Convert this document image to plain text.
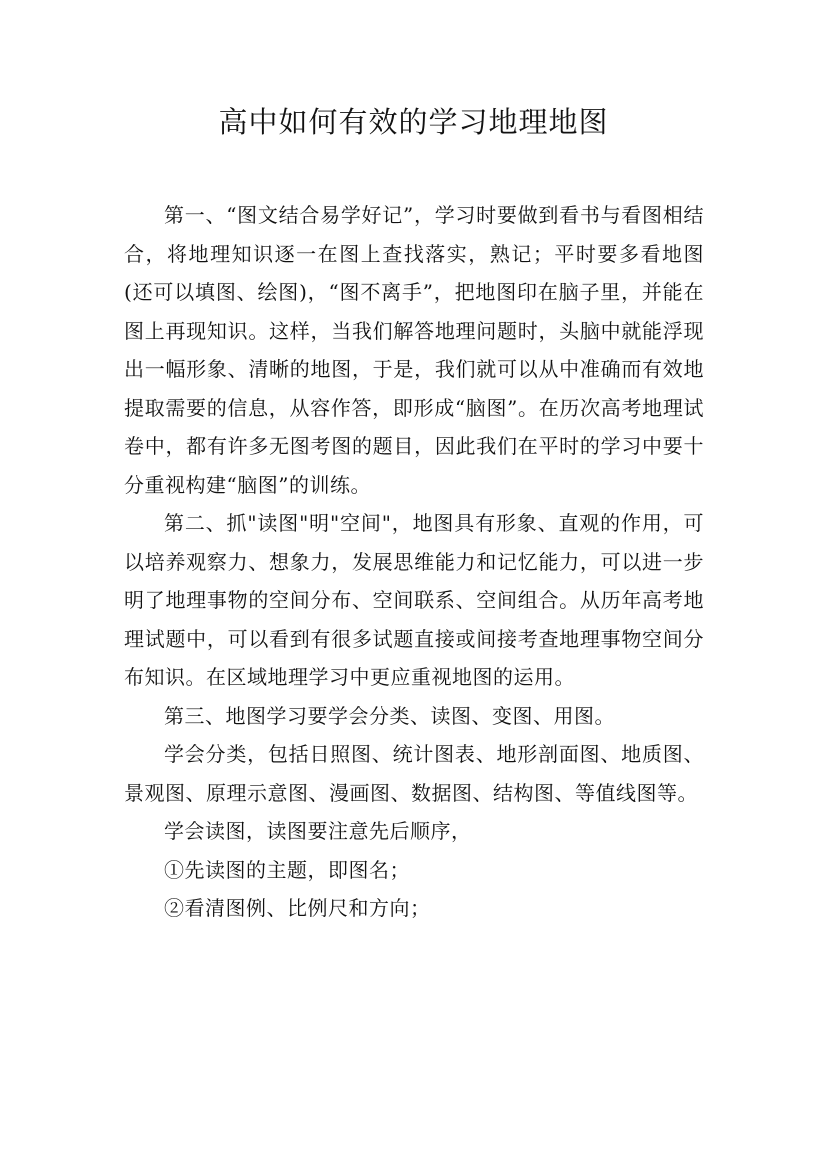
高中如何有效的学习地理地图

第一、“图文结合易学好记”，学习时要做到看书与看图相结合，将地理知识逐一在图上查找落实，熟记；平时要多看地图(还可以填图、绘图)，“图不离手”，把地图印在脑子里，并能在图上再现知识。这样，当我们解答地理问题时，头脑中就能浮现出一幅形象、清晰的地图，于是，我们就可以从中准确而有效地提取需要的信息，从容作答，即形成“脑图”。在历次高考地理试卷中，都有许多无图考图的题目，因此我们在平时的学习中要十分重视构建“脑图”的训练。

第二、抓"读图"明"空间"，地图具有形象、直观的作用，可以培养观察力、想象力，发展思维能力和记忆能力，可以进一步明了地理事物的空间分布、空间联系、空间组合。从历年高考地理试题中，可以看到有很多试题直接或间接考查地理事物空间分布知识。在区域地理学习中更应重视地图的运用。

第三、地图学习要学会分类、读图、变图、用图。

学会分类，包括日照图、统计图表、地形剖面图、地质图、景观图、原理示意图、漫画图、数据图、结构图、等值线图等。

学会读图，读图要注意先后顺序，

①先读图的主题，即图名；

②看清图例、比例尺和方向；
